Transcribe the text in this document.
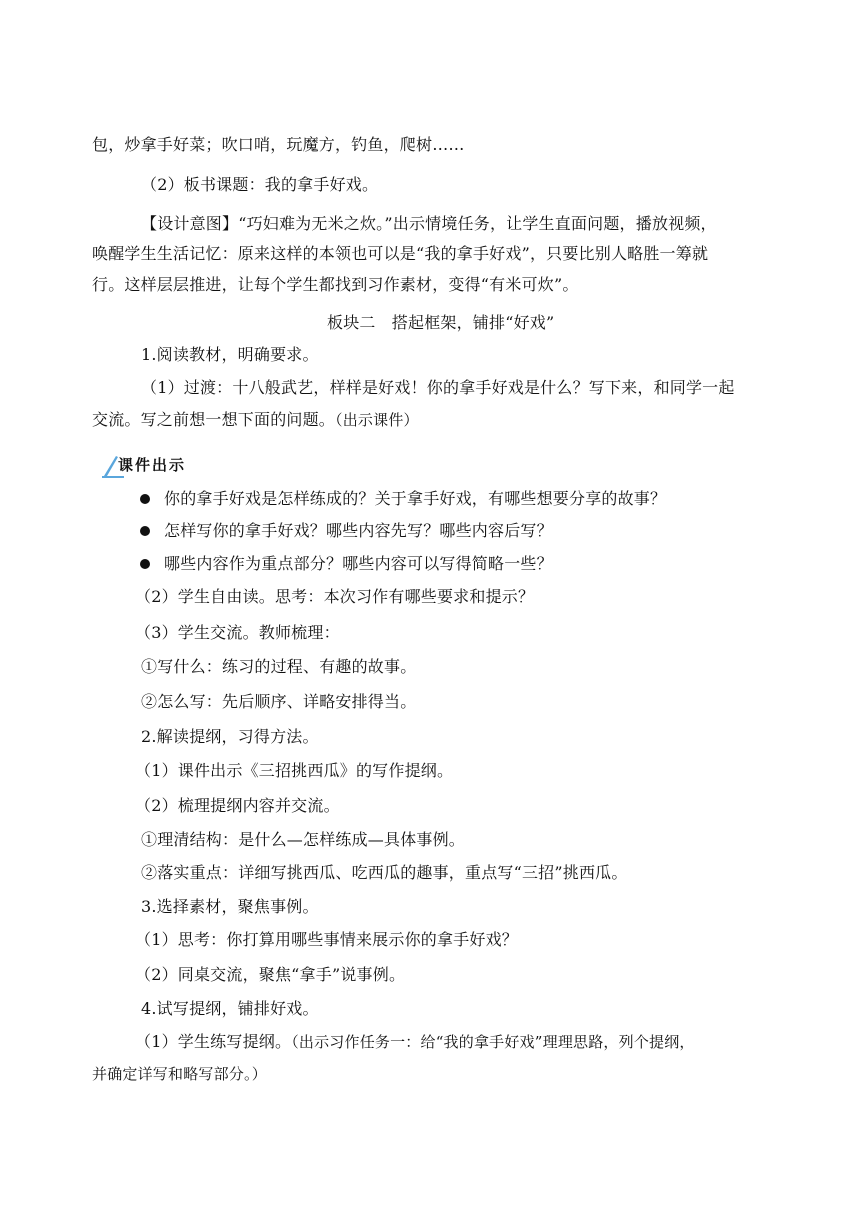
包，炒拿手好菜；吹口哨，玩魔方，钓鱼，爬树……
（2）板书课题：我的拿手好戏。
【设计意图】“巧妇难为无米之炊。”出示情境任务，让学生直面问题，播放视频，
唤醒学生生活记忆：原来这样的本领也可以是“我的拿手好戏”，只要比别人略胜一筹就
行。这样层层推进，让每个学生都找到习作素材，变得“有米可炊”。
板块二　搭起框架，铺排“好戏”
1.阅读教材，明确要求。
（1）过渡：十八般武艺，样样是好戏！你的拿手好戏是什么？写下来，和同学一起
交流。写之前想一想下面的问题。（出示课件）
课件出示
你的拿手好戏是怎样练成的？关于拿手好戏，有哪些想要分享的故事？
怎样写你的拿手好戏？哪些内容先写？哪些内容后写？
哪些内容作为重点部分？哪些内容可以写得简略一些？
（2）学生自由读。思考：本次习作有哪些要求和提示？
（3）学生交流。教师梳理：
①写什么：练习的过程、有趣的故事。
②怎么写：先后顺序、详略安排得当。
2.解读提纲，习得方法。
（1）课件出示《三招挑西瓜》的写作提纲。
（2）梳理提纲内容并交流。
①理清结构：是什么—怎样练成—具体事例。
②落实重点：详细写挑西瓜、吃西瓜的趣事，重点写“三招”挑西瓜。
3.选择素材，聚焦事例。
（1）思考：你打算用哪些事情来展示你的拿手好戏？
（2）同桌交流，聚焦“拿手”说事例。
4.试写提纲，铺排好戏。
（1）学生练写提纲。（出示习作任务一：给“我的拿手好戏”理理思路，列个提纲，
并确定详写和略写部分。）
